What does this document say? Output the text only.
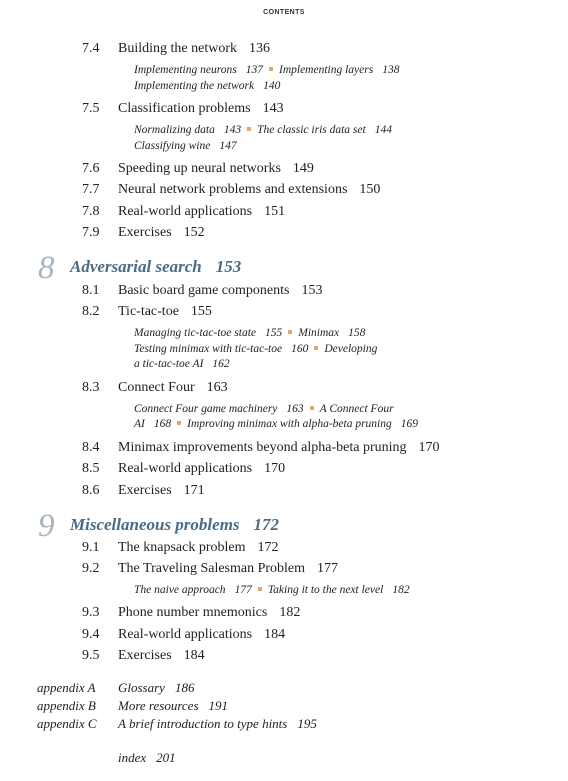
CONTENTS
7.4 Building the network 136
Implementing neurons 137 Implementing layers 138
Implementing the network 140
7.5 Classification problems 143
Normalizing data 143 The classic iris data set 144
Classifying wine 147
7.6 Speeding up neural networks 149
7.7 Neural network problems and extensions 150
7.8 Real-world applications 151
7.9 Exercises 152
8 Adversarial search 153
8.1 Basic board game components 153
8.2 Tic-tac-toe 155
Managing tic-tac-toe state 155 Minimax 158
Testing minimax with tic-tac-toe 160 Developing
a tic-tac-toe AI 162
8.3 Connect Four 163
Connect Four game machinery 163 A Connect Four
AI 168 Improving minimax with alpha-beta pruning 169
8.4 Minimax improvements beyond alpha-beta pruning 170
8.5 Real-world applications 170
8.6 Exercises 171
9 Miscellaneous problems 172
9.1 The knapsack problem 172
9.2 The Traveling Salesman Problem 177
The naive approach 177 Taking it to the next level 182
9.3 Phone number mnemonics 182
9.4 Real-world applications 184
9.5 Exercises 184
appendix A Glossary 186
appendix B More resources 191
appendix C A brief introduction to type hints 195
index 201
